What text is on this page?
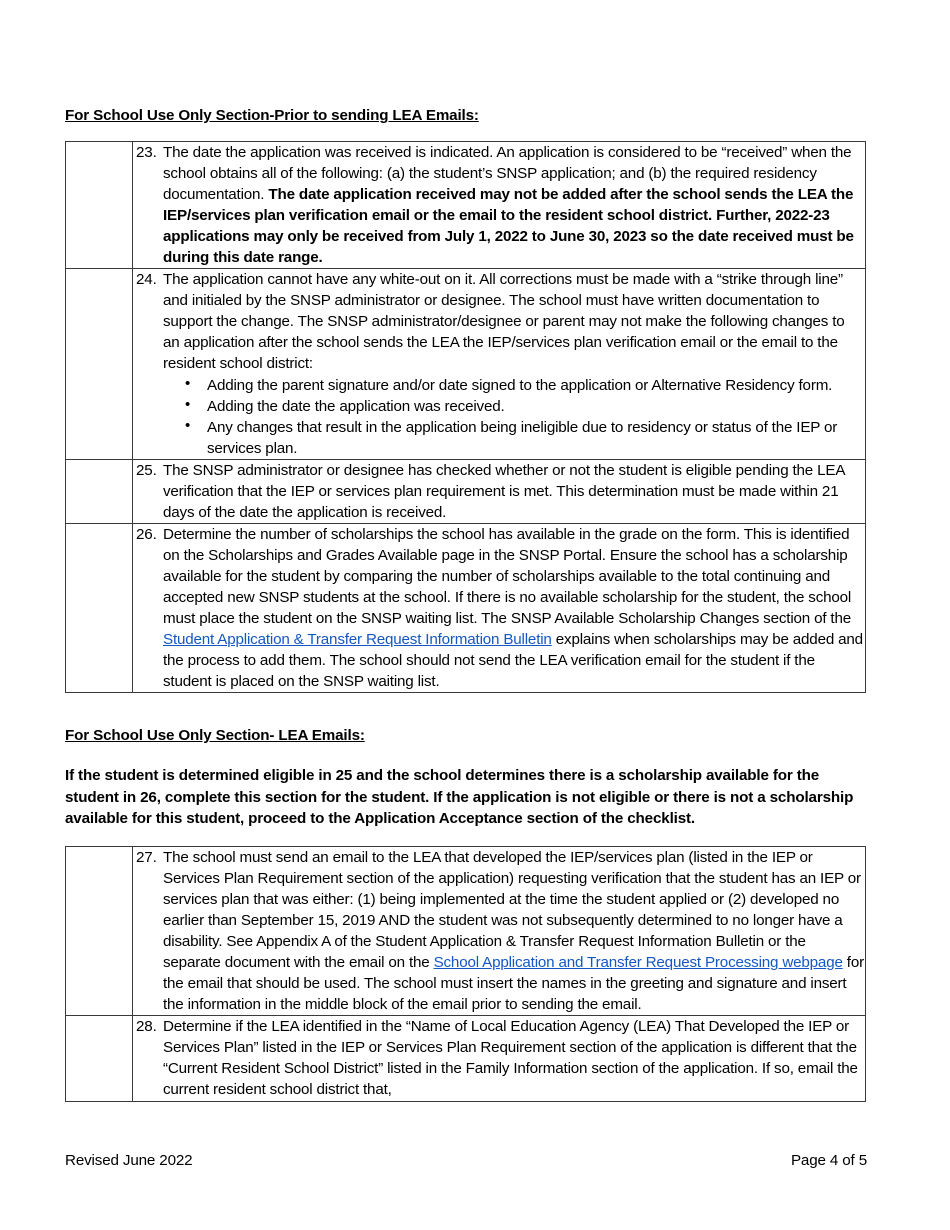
For School Use Only Section-Prior to sending LEA Emails:

	23. The date the application was received is indicated. An application is considered to be “received” when the school obtains all of the following: (a) the student’s SNSP application; and (b) the required residency documentation. The date application received may not be added after the school sends the LEA the IEP/services plan verification email or the email to the resident school district. Further, 2022-23 applications may only be received from July 1, 2022 to June 30, 2023 so the date received must be during this date range.

24. The application cannot have any white-out on it. All corrections must be made with a “strike through line” and initialed by the SNSP administrator or designee. The school must have written documentation to support the change. The SNSP administrator/designee or parent may not make the following changes to an application after the school sends the LEA the IEP/services plan verification email or the email to the resident school district:

• Adding the parent signature and/or date signed to the application or Alternative Residency form.
• Adding the date the application was received.
• Any changes that result in the application being ineligible due to residency or status of the IEP or services plan.

	25. The SNSP administrator or designee has checked whether or not the student is eligible pending the LEA verification that the IEP or services plan requirement is met. This determination must be made within 21 days of the date the application is received.

	26. Determine the number of scholarships the school has available in the grade on the form. This is identified on the Scholarships and Grades Available page in the SNSP Portal. Ensure the school has a scholarship available for the student by comparing the number of scholarships available to the total continuing and accepted new SNSP students at the school. If there is no available scholarship for the student, the school must place the student on the SNSP waiting list. The SNSP Available Scholarship Changes section of the Student Application & Transfer Request Information Bulletin explains when scholarships may be added and the process to add them. The school should not send the LEA verification email for the student if the student is placed on the SNSP waiting list.

For School Use Only Section- LEA Emails:
If the student is determined eligible in 25 and the school determines there is a scholarship available for the student in 26, complete this section for the student. If the application is not eligible or there is not a scholarship available for this student, proceed to the Application Acceptance section of the checklist.

	27. The school must send an email to the LEA that developed the IEP/services plan (listed in the IEP or Services Plan Requirement section of the application) requesting verification that the student has an IEP or services plan that was either: (1) being implemented at the time the student applied or (2) developed no earlier than September 15, 2019 AND the student was not subsequently determined to no longer have a disability. See Appendix A of the Student Application & Transfer Request Information Bulletin or the separate document with the email on the School Application and Transfer Request Processing webpage for the email that should be used. The school must insert the names in the greeting and signature and insert the information in the middle block of the email prior to sending the email.

	28. Determine if the LEA identified in the “Name of Local Education Agency (LEA) That Developed the IEP or Services Plan” listed in the IEP or Services Plan Requirement section of the application is different that the “Current Resident School District” listed in the Family Information section of the application. If so, email the current resident school district that,

Revised June 2022	Page 4 of 5
